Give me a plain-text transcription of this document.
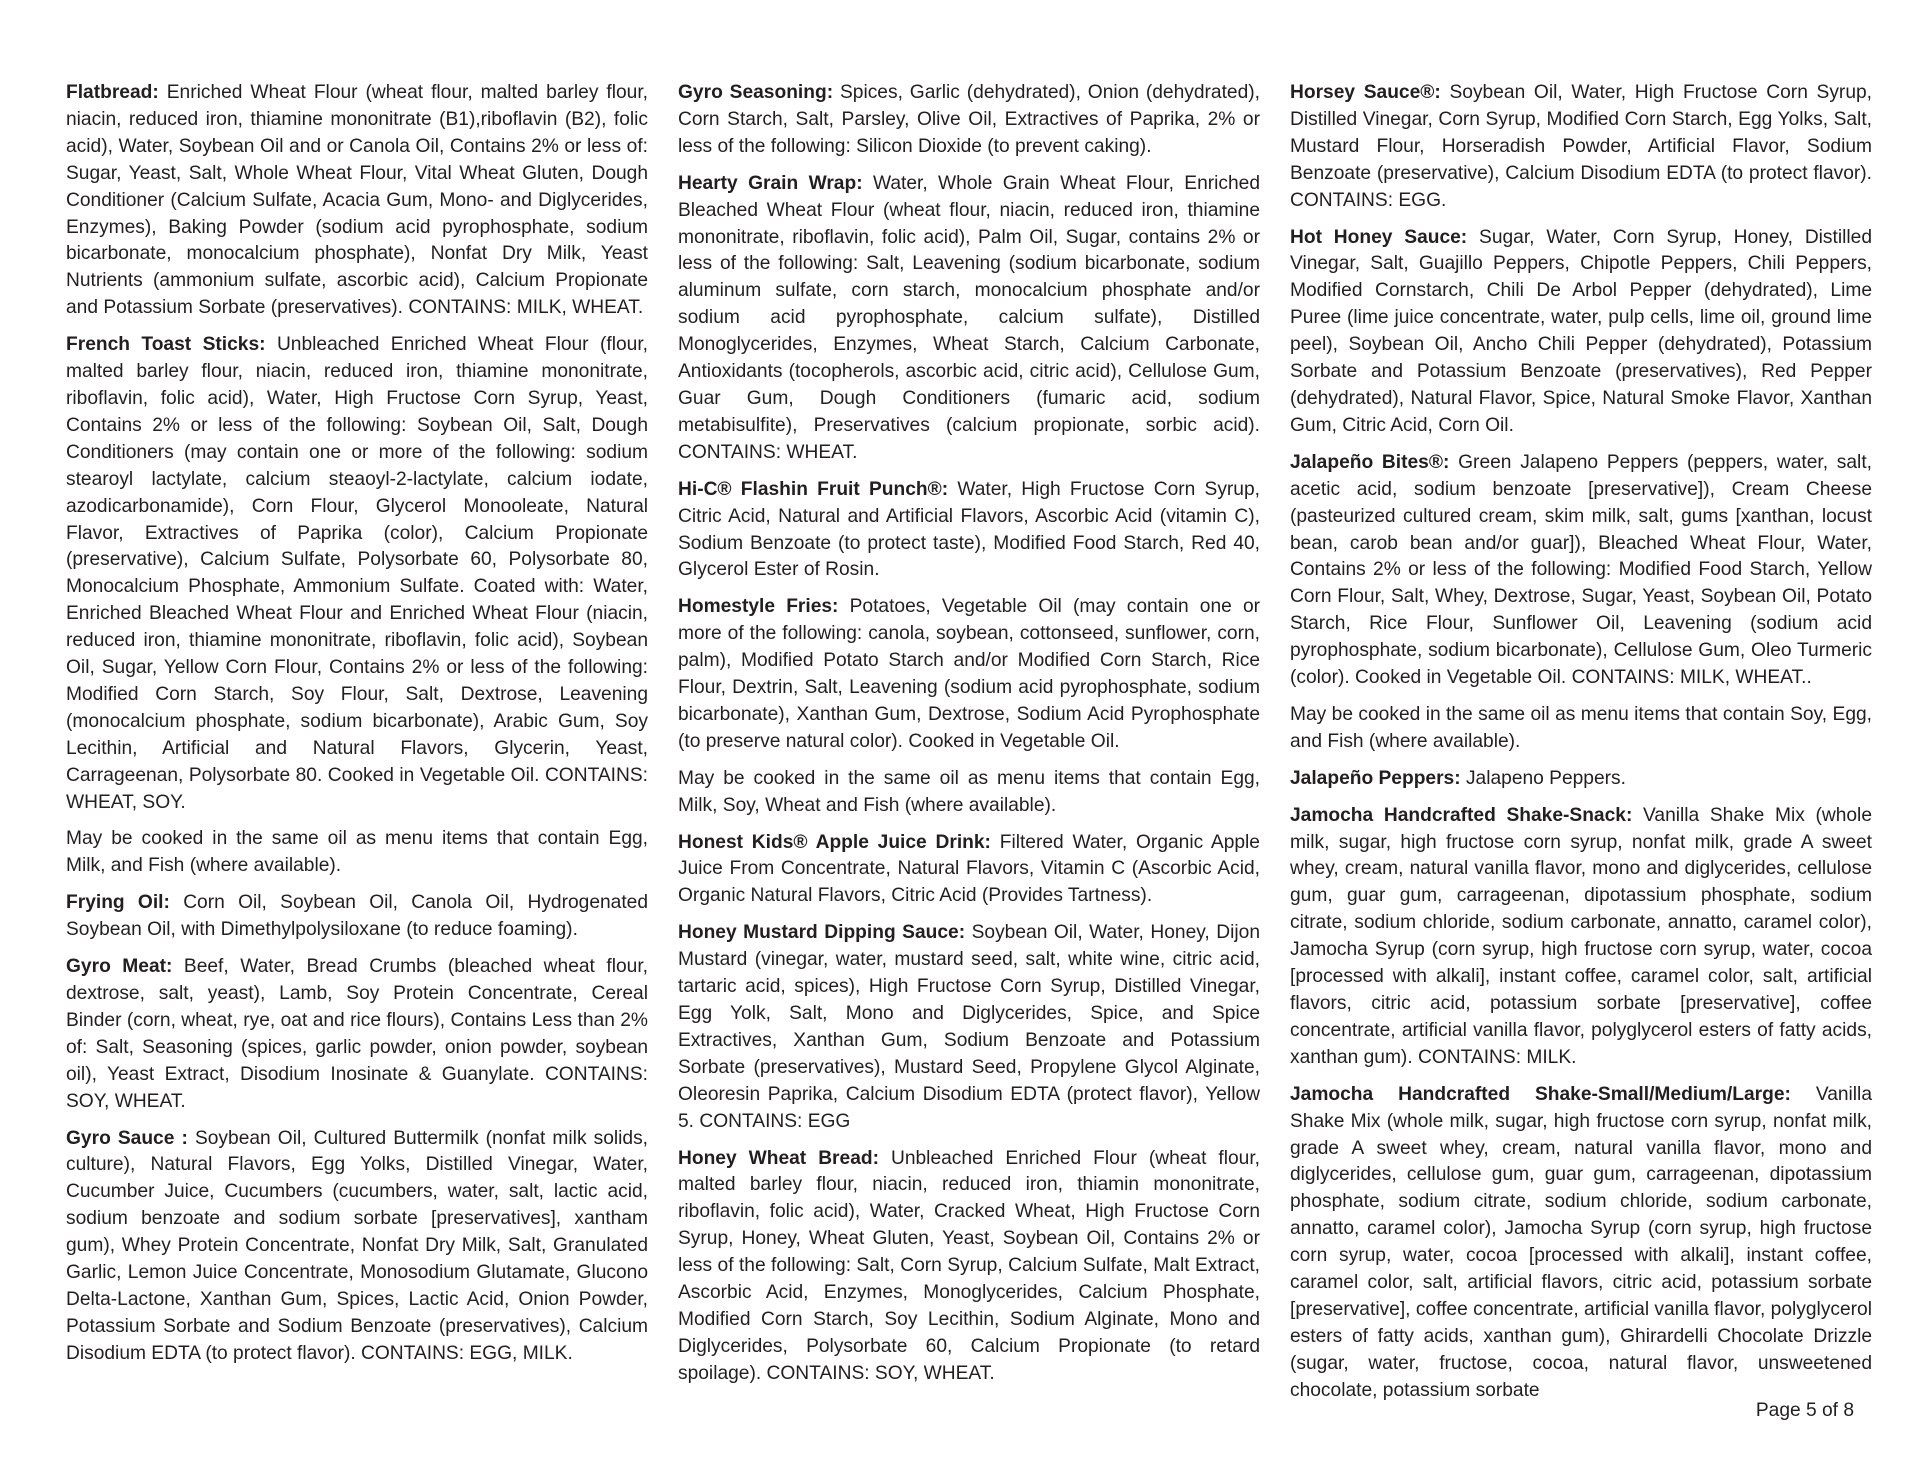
Flatbread: Enriched Wheat Flour (wheat flour, malted barley flour, niacin, reduced iron, thiamine mononitrate (B1),riboflavin (B2), folic acid), Water, Soybean Oil and or Canola Oil, Contains 2% or less of: Sugar, Yeast, Salt, Whole Wheat Flour, Vital Wheat Gluten, Dough Conditioner (Calcium Sulfate, Acacia Gum, Mono- and Diglycerides, Enzymes), Baking Powder (sodium acid pyrophosphate, sodium bicarbonate, monocalcium phosphate), Nonfat Dry Milk, Yeast Nutrients (ammonium sulfate, ascorbic acid), Calcium Propionate and Potassium Sorbate (preservatives). CONTAINS: MILK, WHEAT.

French Toast Sticks: Unbleached Enriched Wheat Flour (flour, malted barley flour, niacin, reduced iron, thiamine mononitrate, riboflavin, folic acid), Water, High Fructose Corn Syrup, Yeast, Contains 2% or less of the following: Soybean Oil, Salt, Dough Conditioners (may contain one or more of the following: sodium stearoyl lactylate, calcium steaoyl-2-lactylate, calcium iodate, azodicarbonamide), Corn Flour, Glycerol Monooleate, Natural Flavor, Extractives of Paprika (color), Calcium Propionate (preservative), Calcium Sulfate, Polysorbate 60, Polysorbate 80, Monocalcium Phosphate, Ammonium Sulfate. Coated with: Water, Enriched Bleached Wheat Flour and Enriched Wheat Flour (niacin, reduced iron, thiamine mononitrate, riboflavin, folic acid), Soybean Oil, Sugar, Yellow Corn Flour, Contains 2% or less of the following: Modified Corn Starch, Soy Flour, Salt, Dextrose, Leavening (monocalcium phosphate, sodium bicarbonate), Arabic Gum, Soy Lecithin, Artificial and Natural Flavors, Glycerin, Yeast, Carrageenan, Polysorbate 80. Cooked in Vegetable Oil. CONTAINS: WHEAT, SOY.

May be cooked in the same oil as menu items that contain Egg, Milk, and Fish (where available).

Frying Oil: Corn Oil, Soybean Oil, Canola Oil, Hydrogenated Soybean Oil, with Dimethylpolysiloxane (to reduce foaming).

Gyro Meat: Beef, Water, Bread Crumbs (bleached wheat flour, dextrose, salt, yeast), Lamb, Soy Protein Concentrate, Cereal Binder (corn, wheat, rye, oat and rice flours), Contains Less than 2% of: Salt, Seasoning (spices, garlic powder, onion powder, soybean oil), Yeast Extract, Disodium Inosinate & Guanylate. CONTAINS: SOY, WHEAT.

Gyro Sauce : Soybean Oil, Cultured Buttermilk (nonfat milk solids, culture), Natural Flavors, Egg Yolks, Distilled Vinegar, Water, Cucumber Juice, Cucumbers (cucumbers, water, salt, lactic acid, sodium benzoate and sodium sorbate [preservatives], xantham gum), Whey Protein Concentrate, Nonfat Dry Milk, Salt, Granulated Garlic, Lemon Juice Concentrate, Monosodium Glutamate, Glucono Delta-Lactone, Xanthan Gum, Spices, Lactic Acid, Onion Powder, Potassium Sorbate and Sodium Benzoate (preservatives), Calcium Disodium EDTA (to protect flavor). CONTAINS: EGG, MILK.

Gyro Seasoning: Spices, Garlic (dehydrated), Onion (dehydrated), Corn Starch, Salt, Parsley, Olive Oil, Extractives of Paprika, 2% or less of the following: Silicon Dioxide (to prevent caking).

Hearty Grain Wrap: Water, Whole Grain Wheat Flour, Enriched Bleached Wheat Flour (wheat flour, niacin, reduced iron, thiamine mononitrate, riboflavin, folic acid), Palm Oil, Sugar, contains 2% or less of the following: Salt, Leavening (sodium bicarbonate, sodium aluminum sulfate, corn starch, monocalcium phosphate and/or sodium acid pyrophosphate, calcium sulfate), Distilled Monoglycerides, Enzymes, Wheat Starch, Calcium Carbonate, Antioxidants (tocopherols, ascorbic acid, citric acid), Cellulose Gum, Guar Gum, Dough Conditioners (fumaric acid, sodium metabisulfite), Preservatives (calcium propionate, sorbic acid). CONTAINS: WHEAT.

Hi-C® Flashin Fruit Punch®: Water, High Fructose Corn Syrup, Citric Acid, Natural and Artificial Flavors, Ascorbic Acid (vitamin C), Sodium Benzoate (to protect taste), Modified Food Starch, Red 40, Glycerol Ester of Rosin.

Homestyle Fries: Potatoes, Vegetable Oil (may contain one or more of the following: canola, soybean, cottonseed, sunflower, corn, palm), Modified Potato Starch and/or Modified Corn Starch, Rice Flour, Dextrin, Salt, Leavening (sodium acid pyrophosphate, sodium bicarbonate), Xanthan Gum, Dextrose, Sodium Acid Pyrophosphate (to preserve natural color). Cooked in Vegetable Oil.

May be cooked in the same oil as menu items that contain Egg, Milk, Soy, Wheat and Fish (where available).

Honest Kids® Apple Juice Drink: Filtered Water, Organic Apple Juice From Concentrate, Natural Flavors, Vitamin C (Ascorbic Acid, Organic Natural Flavors, Citric Acid (Provides Tartness).

Honey Mustard Dipping Sauce: Soybean Oil, Water, Honey, Dijon Mustard (vinegar, water, mustard seed, salt, white wine, citric acid, tartaric acid, spices), High Fructose Corn Syrup, Distilled Vinegar, Egg Yolk, Salt, Mono and Diglycerides, Spice, and Spice Extractives, Xanthan Gum, Sodium Benzoate and Potassium Sorbate (preservatives), Mustard Seed, Propylene Glycol Alginate, Oleoresin Paprika, Calcium Disodium EDTA (protect flavor), Yellow 5. CONTAINS: EGG

Honey Wheat Bread: Unbleached Enriched Flour (wheat flour, malted barley flour, niacin, reduced iron, thiamin mononitrate, riboflavin, folic acid), Water, Cracked Wheat, High Fructose Corn Syrup, Honey, Wheat Gluten, Yeast, Soybean Oil, Contains 2% or less of the following: Salt, Corn Syrup, Calcium Sulfate, Malt Extract, Ascorbic Acid, Enzymes, Monoglycerides, Calcium Phosphate, Modified Corn Starch, Soy Lecithin, Sodium Alginate, Mono and Diglycerides, Polysorbate 60, Calcium Propionate (to retard spoilage). CONTAINS: SOY, WHEAT.

Horsey Sauce®: Soybean Oil, Water, High Fructose Corn Syrup, Distilled Vinegar, Corn Syrup, Modified Corn Starch, Egg Yolks, Salt, Mustard Flour, Horseradish Powder, Artificial Flavor, Sodium Benzoate (preservative), Calcium Disodium EDTA (to protect flavor). CONTAINS: EGG.

Hot Honey Sauce: Sugar, Water, Corn Syrup, Honey, Distilled Vinegar, Salt, Guajillo Peppers, Chipotle Peppers, Chili Peppers, Modified Cornstarch, Chili De Arbol Pepper (dehydrated), Lime Puree (lime juice concentrate, water, pulp cells, lime oil, ground lime peel), Soybean Oil, Ancho Chili Pepper (dehydrated), Potassium Sorbate and Potassium Benzoate (preservatives), Red Pepper (dehydrated), Natural Flavor, Spice, Natural Smoke Flavor, Xanthan Gum, Citric Acid, Corn Oil.

Jalapeño Bites®: Green Jalapeno Peppers (peppers, water, salt, acetic acid, sodium benzoate [preservative]), Cream Cheese (pasteurized cultured cream, skim milk, salt, gums [xanthan, locust bean, carob bean and/or guar]), Bleached Wheat Flour, Water, Contains 2% or less of the following: Modified Food Starch, Yellow Corn Flour, Salt, Whey, Dextrose, Sugar, Yeast, Soybean Oil, Potato Starch, Rice Flour, Sunflower Oil, Leavening (sodium acid pyrophosphate, sodium bicarbonate), Cellulose Gum, Oleo Turmeric (color). Cooked in Vegetable Oil. CONTAINS: MILK, WHEAT..

May be cooked in the same oil as menu items that contain Soy, Egg, and Fish (where available).

Jalapeño Peppers: Jalapeno Peppers.

Jamocha Handcrafted Shake-Snack: Vanilla Shake Mix (whole milk, sugar, high fructose corn syrup, nonfat milk, grade A sweet whey, cream, natural vanilla flavor, mono and diglycerides, cellulose gum, guar gum, carrageenan, dipotassium phosphate, sodium citrate, sodium chloride, sodium carbonate, annatto, caramel color), Jamocha Syrup (corn syrup, high fructose corn syrup, water, cocoa [processed with alkali], instant coffee, caramel color, salt, artificial flavors, citric acid, potassium sorbate [preservative], coffee concentrate, artificial vanilla flavor, polyglycerol esters of fatty acids, xanthan gum). CONTAINS: MILK.

Jamocha Handcrafted Shake-Small/Medium/Large: Vanilla Shake Mix (whole milk, sugar, high fructose corn syrup, nonfat milk, grade A sweet whey, cream, natural vanilla flavor, mono and diglycerides, cellulose gum, guar gum, carrageenan, dipotassium phosphate, sodium citrate, sodium chloride, sodium carbonate, annatto, caramel color), Jamocha Syrup (corn syrup, high fructose corn syrup, water, cocoa [processed with alkali], instant coffee, caramel color, salt, artificial flavors, citric acid, potassium sorbate [preservative], coffee concentrate, artificial vanilla flavor, polyglycerol esters of fatty acids, xanthan gum), Ghirardelli Chocolate Drizzle (sugar, water, fructose, cocoa, natural flavor, unsweetened chocolate, potassium sorbate

Page 5 of 8
